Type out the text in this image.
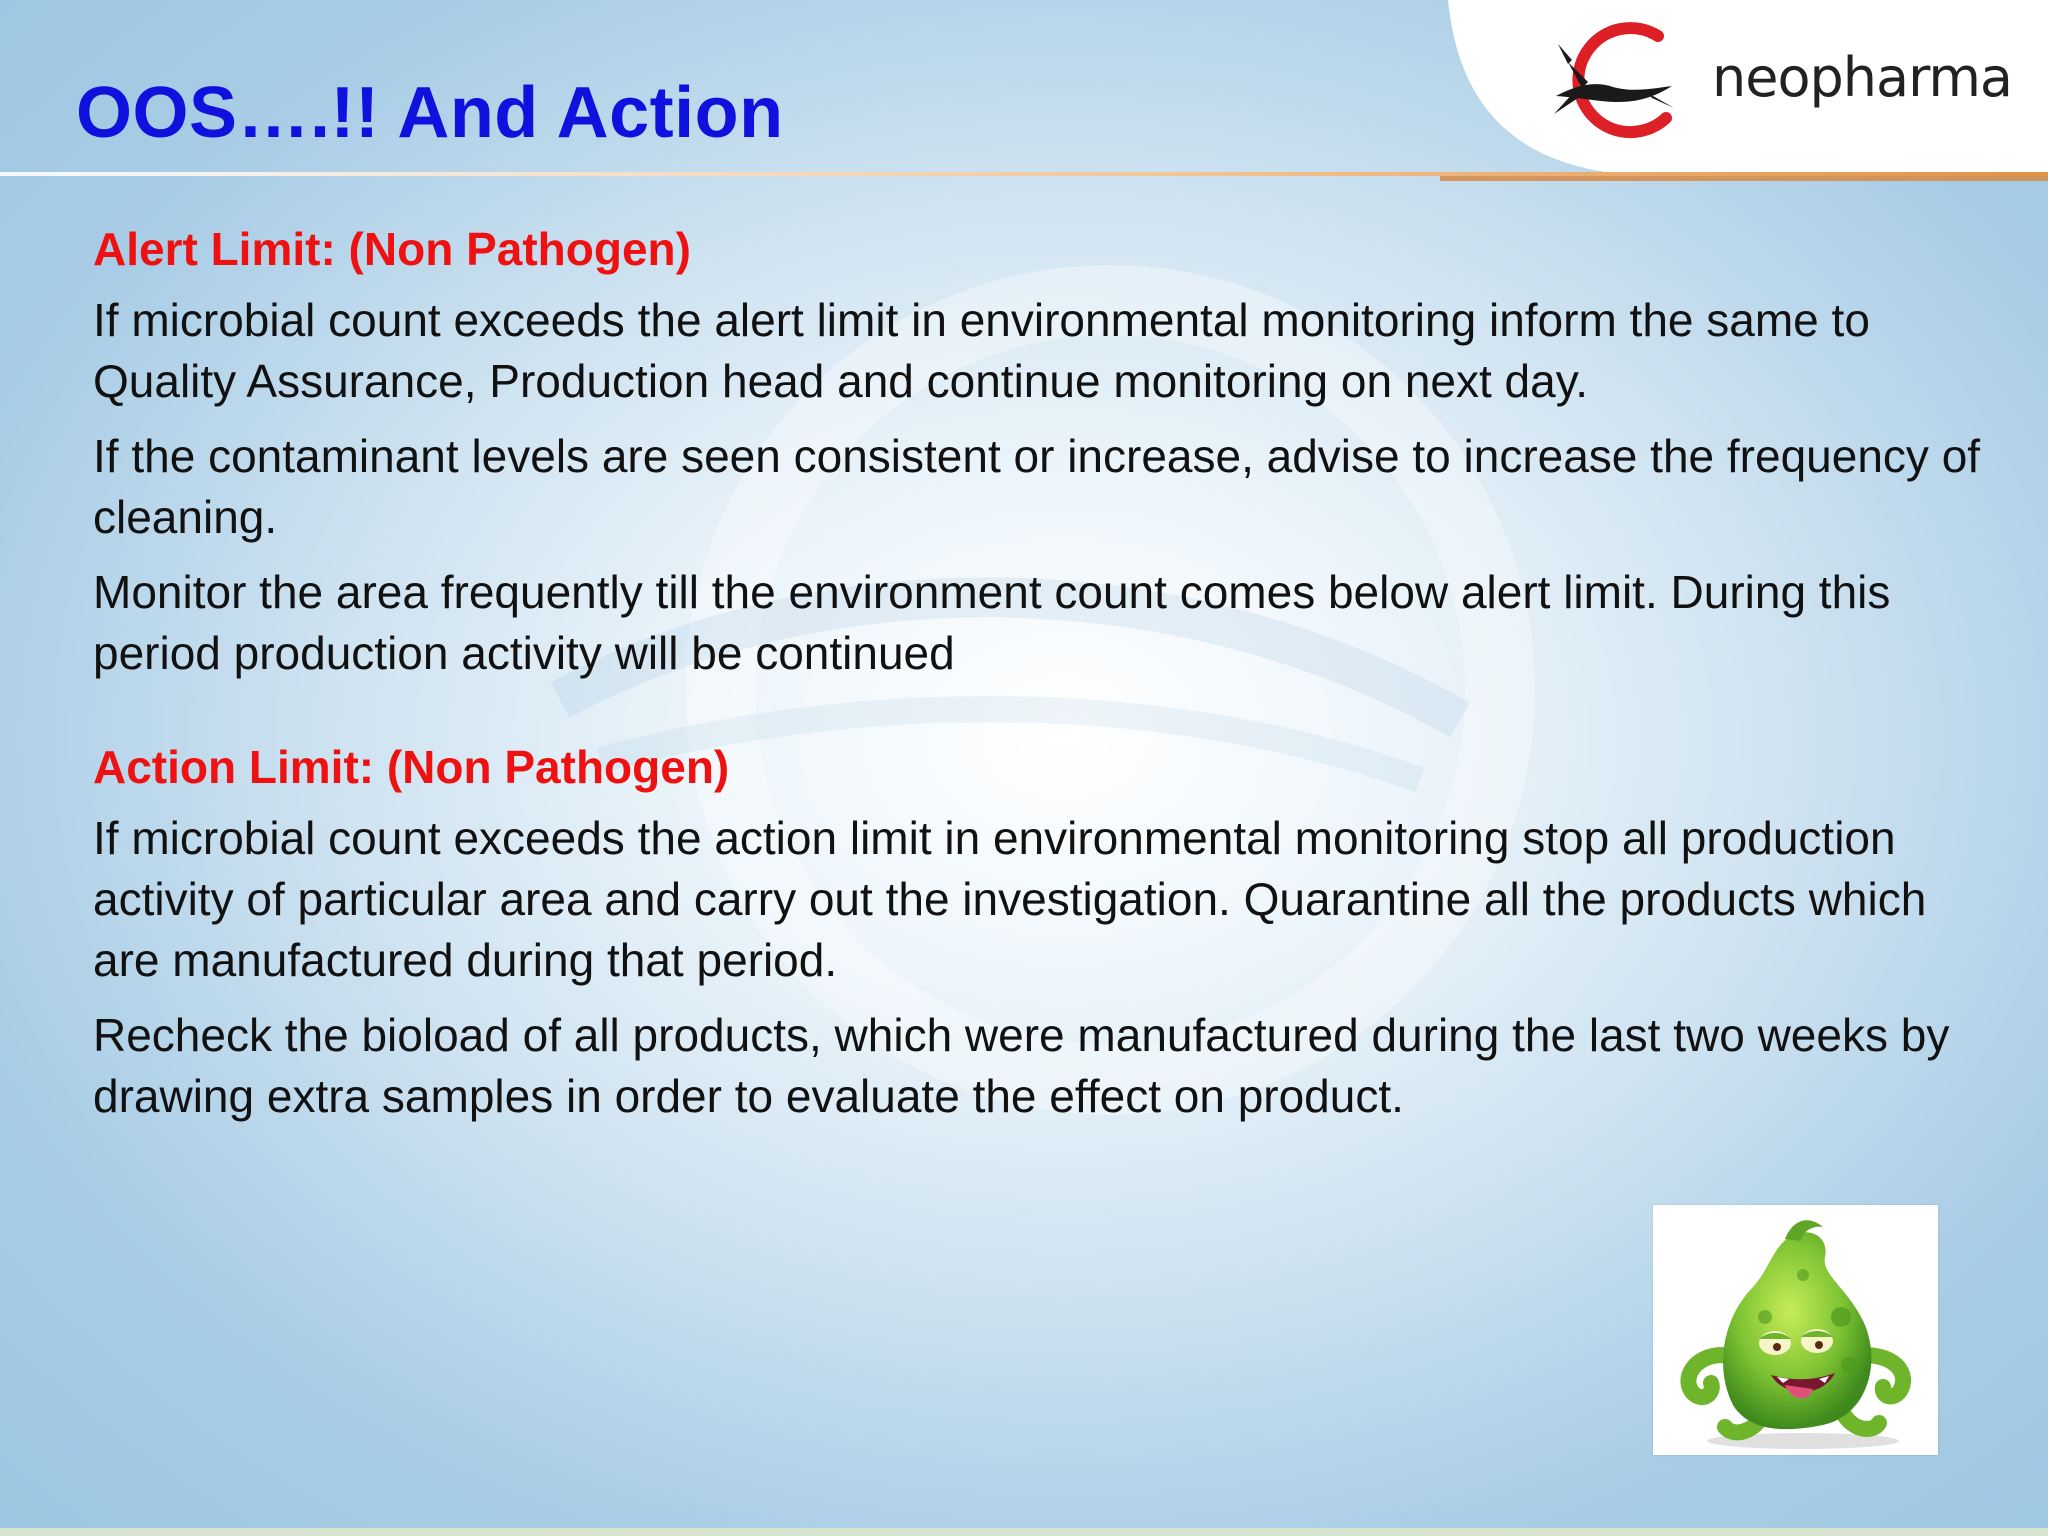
neopharma
OOS….!! And Action
Alert Limit: (Non Pathogen)

If microbial count exceeds the alert limit in environmental monitoring inform the same to Quality Assurance, Production head and continue monitoring on next day.

If the contaminant levels are seen consistent or increase, advise to increase the frequency of cleaning.

Monitor the area frequently till the environment count comes below alert limit. During this period production activity will be continued

Action Limit: (Non Pathogen)

If microbial count exceeds the action limit in environmental monitoring stop all production activity of particular area and carry out the investigation. Quarantine all the products which are manufactured during that period.

Recheck the bioload of all products, which were manufactured during the last two weeks by drawing extra samples in order to evaluate the effect on product.
